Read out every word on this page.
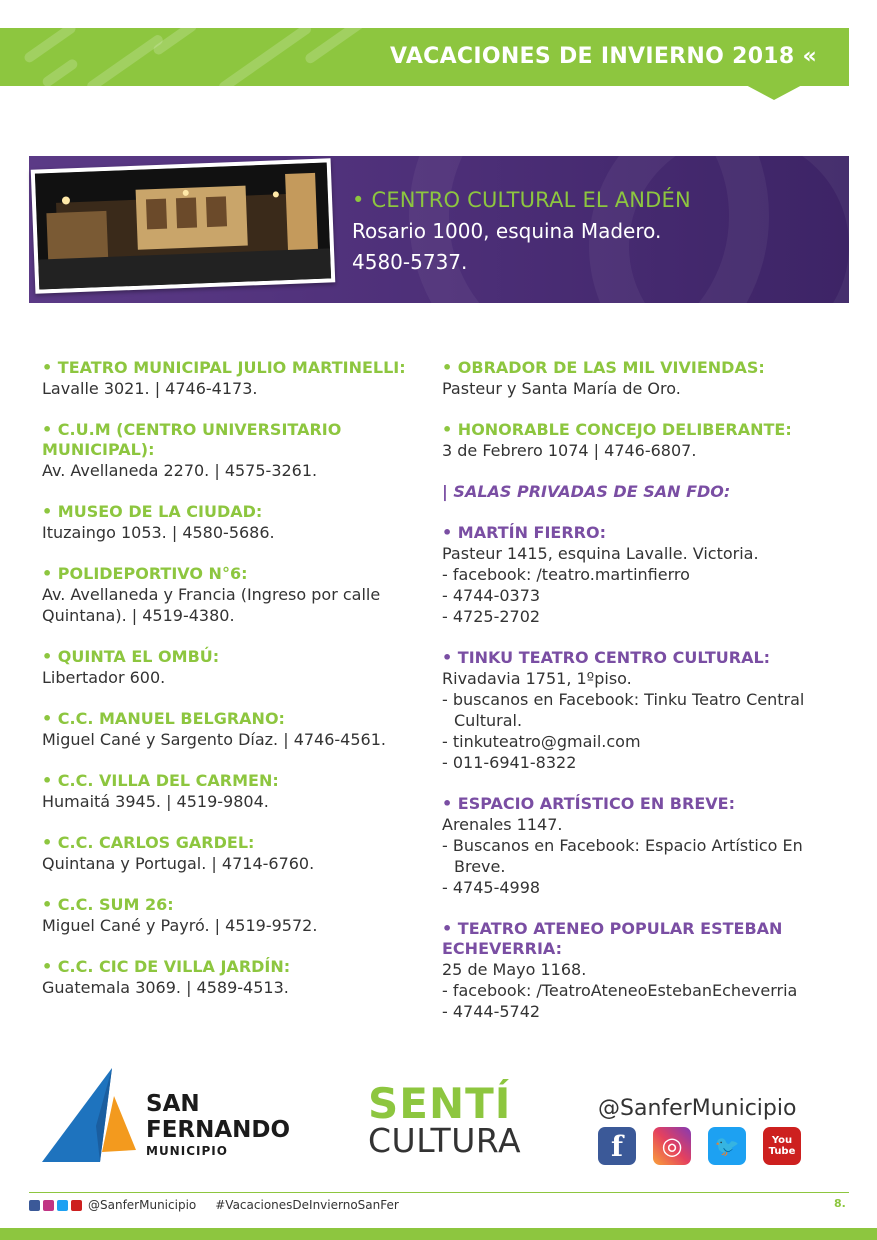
VACACIONES DE INVIERNO 2018 «
• CENTRO CULTURAL EL ANDÉN
Rosario 1000, esquina Madero.
4580-5737.
• TEATRO MUNICIPAL JULIO MARTINELLI:
Lavalle 3021. | 4746-4173.
• C.U.M (CENTRO UNIVERSITARIO MUNICIPAL):
Av. Avellaneda 2270. | 4575-3261.
• MUSEO DE LA CIUDAD:
Ituzaingo 1053. | 4580-5686.
• POLIDEPORTIVO N°6:
Av. Avellaneda y Francia (Ingreso por calle Quintana). | 4519-4380.
• QUINTA EL OMBÚ:
Libertador 600.
• C.C. MANUEL BELGRANO:
Miguel Cané y Sargento Díaz. | 4746-4561.
• C.C. VILLA DEL CARMEN:
Humaitá 3945. | 4519-9804.
• C.C. CARLOS GARDEL:
Quintana y Portugal. | 4714-6760.
• C.C. SUM 26:
Miguel Cané y Payró. | 4519-9572.
• C.C. CIC DE VILLA JARDÍN:
Guatemala 3069. | 4589-4513.
• OBRADOR DE LAS MIL VIVIENDAS:
Pasteur y Santa María de Oro.
• HONORABLE CONCEJO DELIBERANTE:
3 de Febrero 1074 | 4746-6807.
| SALAS PRIVADAS DE SAN FDO:
• MARTÍN FIERRO:
Pasteur 1415, esquina Lavalle. Victoria.
- facebook: /teatro.martinfierro
- 4744-0373
- 4725-2702
• TINKU TEATRO CENTRO CULTURAL:
Rivadavia 1751, 1ºpiso.
- buscanos en Facebook: Tinku Teatro Central
Cultural.
- tinkuteatro@gmail.com
- 011-6941-8322
• ESPACIO ARTÍSTICO EN BREVE:
Arenales 1147.
- Buscanos en Facebook: Espacio Artístico En
Breve.
- 4745-4998
• TEATRO ATENEO POPULAR ESTEBAN ECHEVERRIA:
25 de Mayo 1168.
- facebook: /TeatroAteneoEstebanEcheverria
- 4744-5742
SAN
FERNANDO
MUNICIPIO
SENTÍ
CULTURA
@SanferMunicipio
f	◎	🐦	You Tube
@SanferMunicipio #VacacionesDeInviernoSanFer	8.
